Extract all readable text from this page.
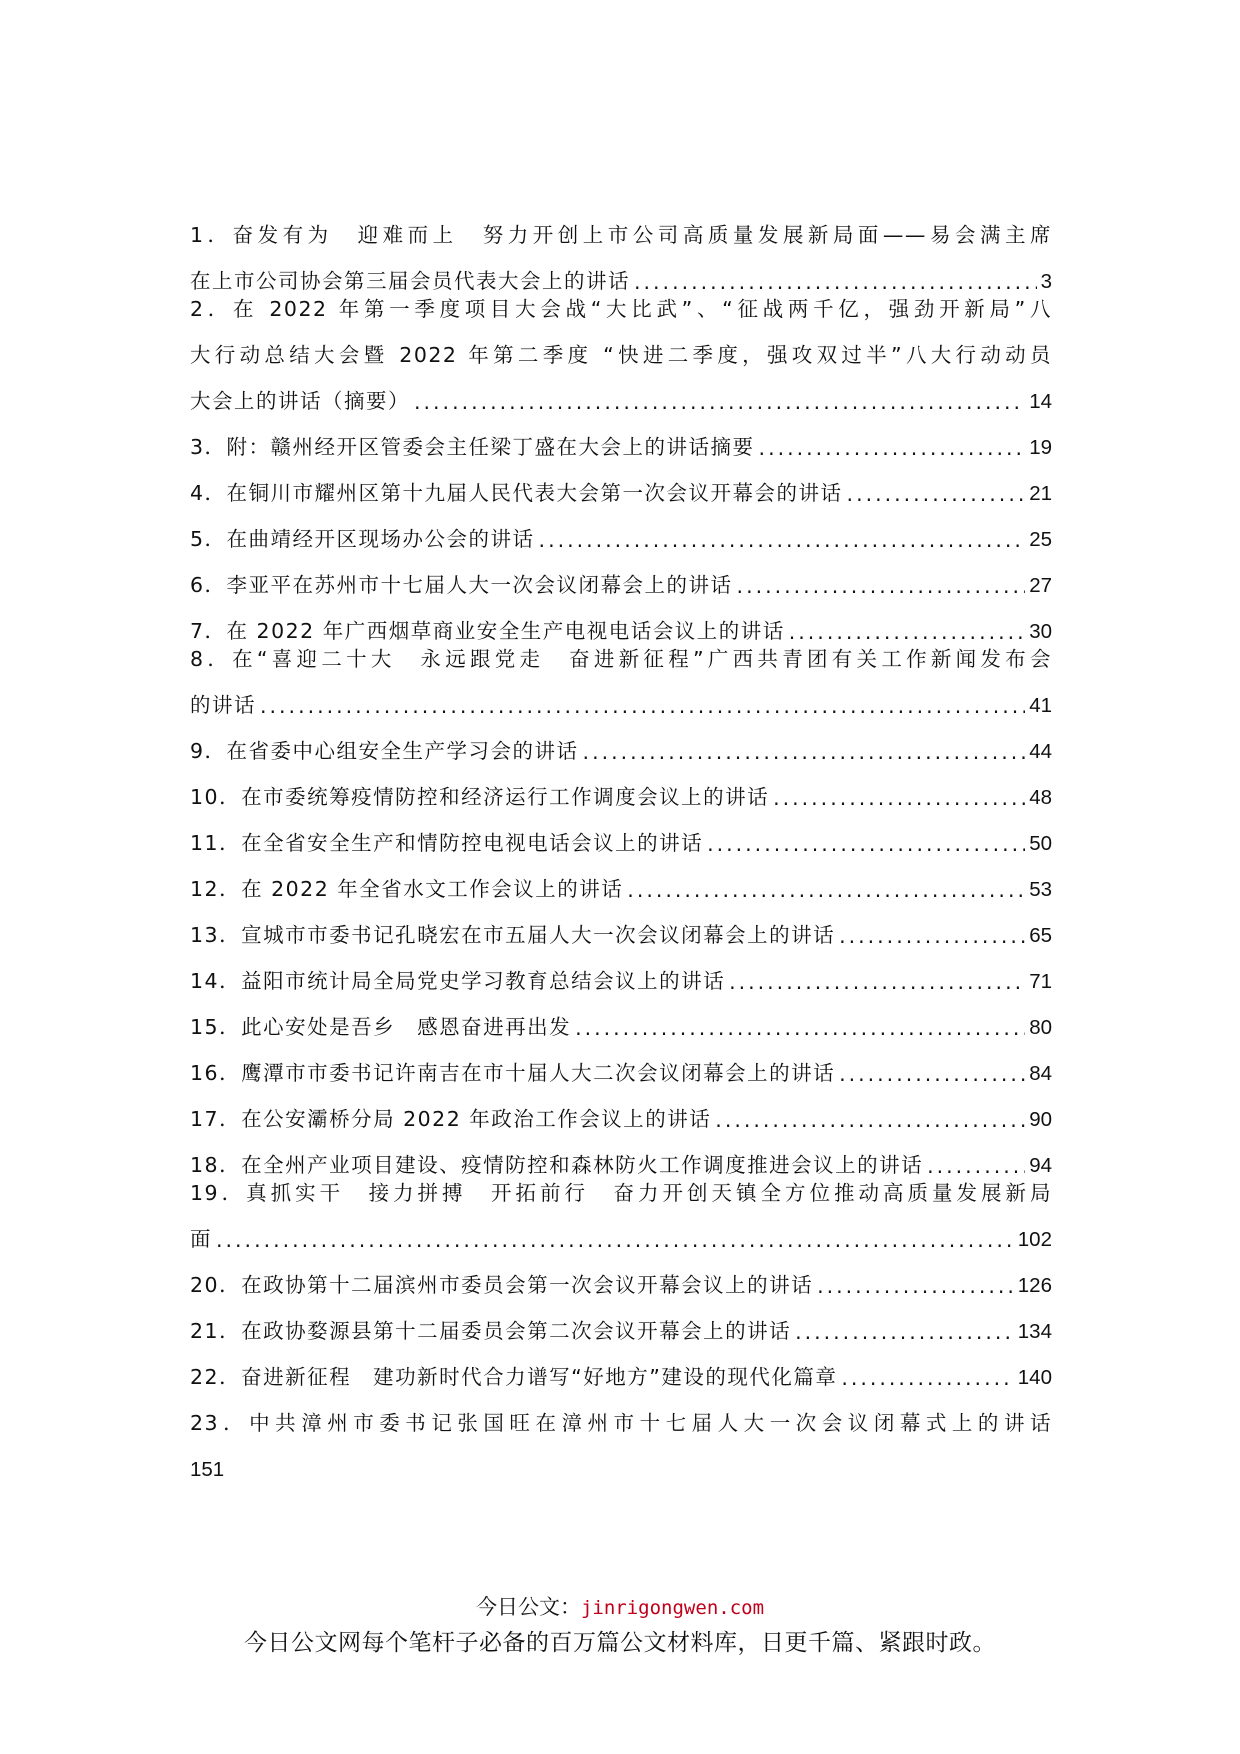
1．奋发有为　迎难而上　努力开创上市公司高质量发展新局面——易会满主席
在上市公司协会第三届会员代表大会上的讲话 .....	3
2．在 2022 年第一季度项目大会战“大比武”、“征战两千亿，强劲开新局”八
大行动总结大会暨 2022 年第二季度 “快进二季度，强攻双过半”八大行动动员
大会上的讲话（摘要） .....	14
3．附：赣州经开区管委会主任梁丁盛在大会上的讲话摘要 .....	19
4．在铜川市耀州区第十九届人民代表大会第一次会议开幕会的讲话 .....	21
5．在曲靖经开区现场办公会的讲话 .....	25
6．李亚平在苏州市十七届人大一次会议闭幕会上的讲话 .....	27
7．在 2022 年广西烟草商业安全生产电视电话会议上的讲话 .....	30
8．在“喜迎二十大　永远跟党走　奋进新征程”广西共青团有关工作新闻发布会
的讲话 .....	41
9．在省委中心组安全生产学习会的讲话 .....	44
10．在市委统筹疫情防控和经济运行工作调度会议上的讲话 .....	48
11．在全省安全生产和情防控电视电话会议上的讲话 .....	50
12．在 2022 年全省水文工作会议上的讲话 .....	53
13．宣城市市委书记孔晓宏在市五届人大一次会议闭幕会上的讲话 .....	65
14．益阳市统计局全局党史学习教育总结会议上的讲话 .....	71
15．此心安处是吾乡　感恩奋进再出发 .....	80
16．鹰潭市市委书记许南吉在市十届人大二次会议闭幕会上的讲话 .....	84
17．在公安灞桥分局 2022 年政治工作会议上的讲话 .....	90
18．在全州产业项目建设、疫情防控和森林防火工作调度推进会议上的讲话 .....	94
19．真抓实干　接力拼搏　开拓前行　奋力开创天镇全方位推动高质量发展新局
面 .....	102
20．在政协第十二届滨州市委员会第一次会议开幕会议上的讲话 .....	126
21．在政协婺源县第十二届委员会第二次会议开幕会上的讲话 .....	134
22．奋进新征程　建功新时代合力谱写“好地方”建设的现代化篇章 .....	140
23．中共漳州市委书记张国旺在漳州市十七届人大一次会议闭幕式上的讲话
151
今日公文：jinrigongwen.com
今日公文网每个笔杆子必备的百万篇公文材料库，日更千篇、紧跟时政。
